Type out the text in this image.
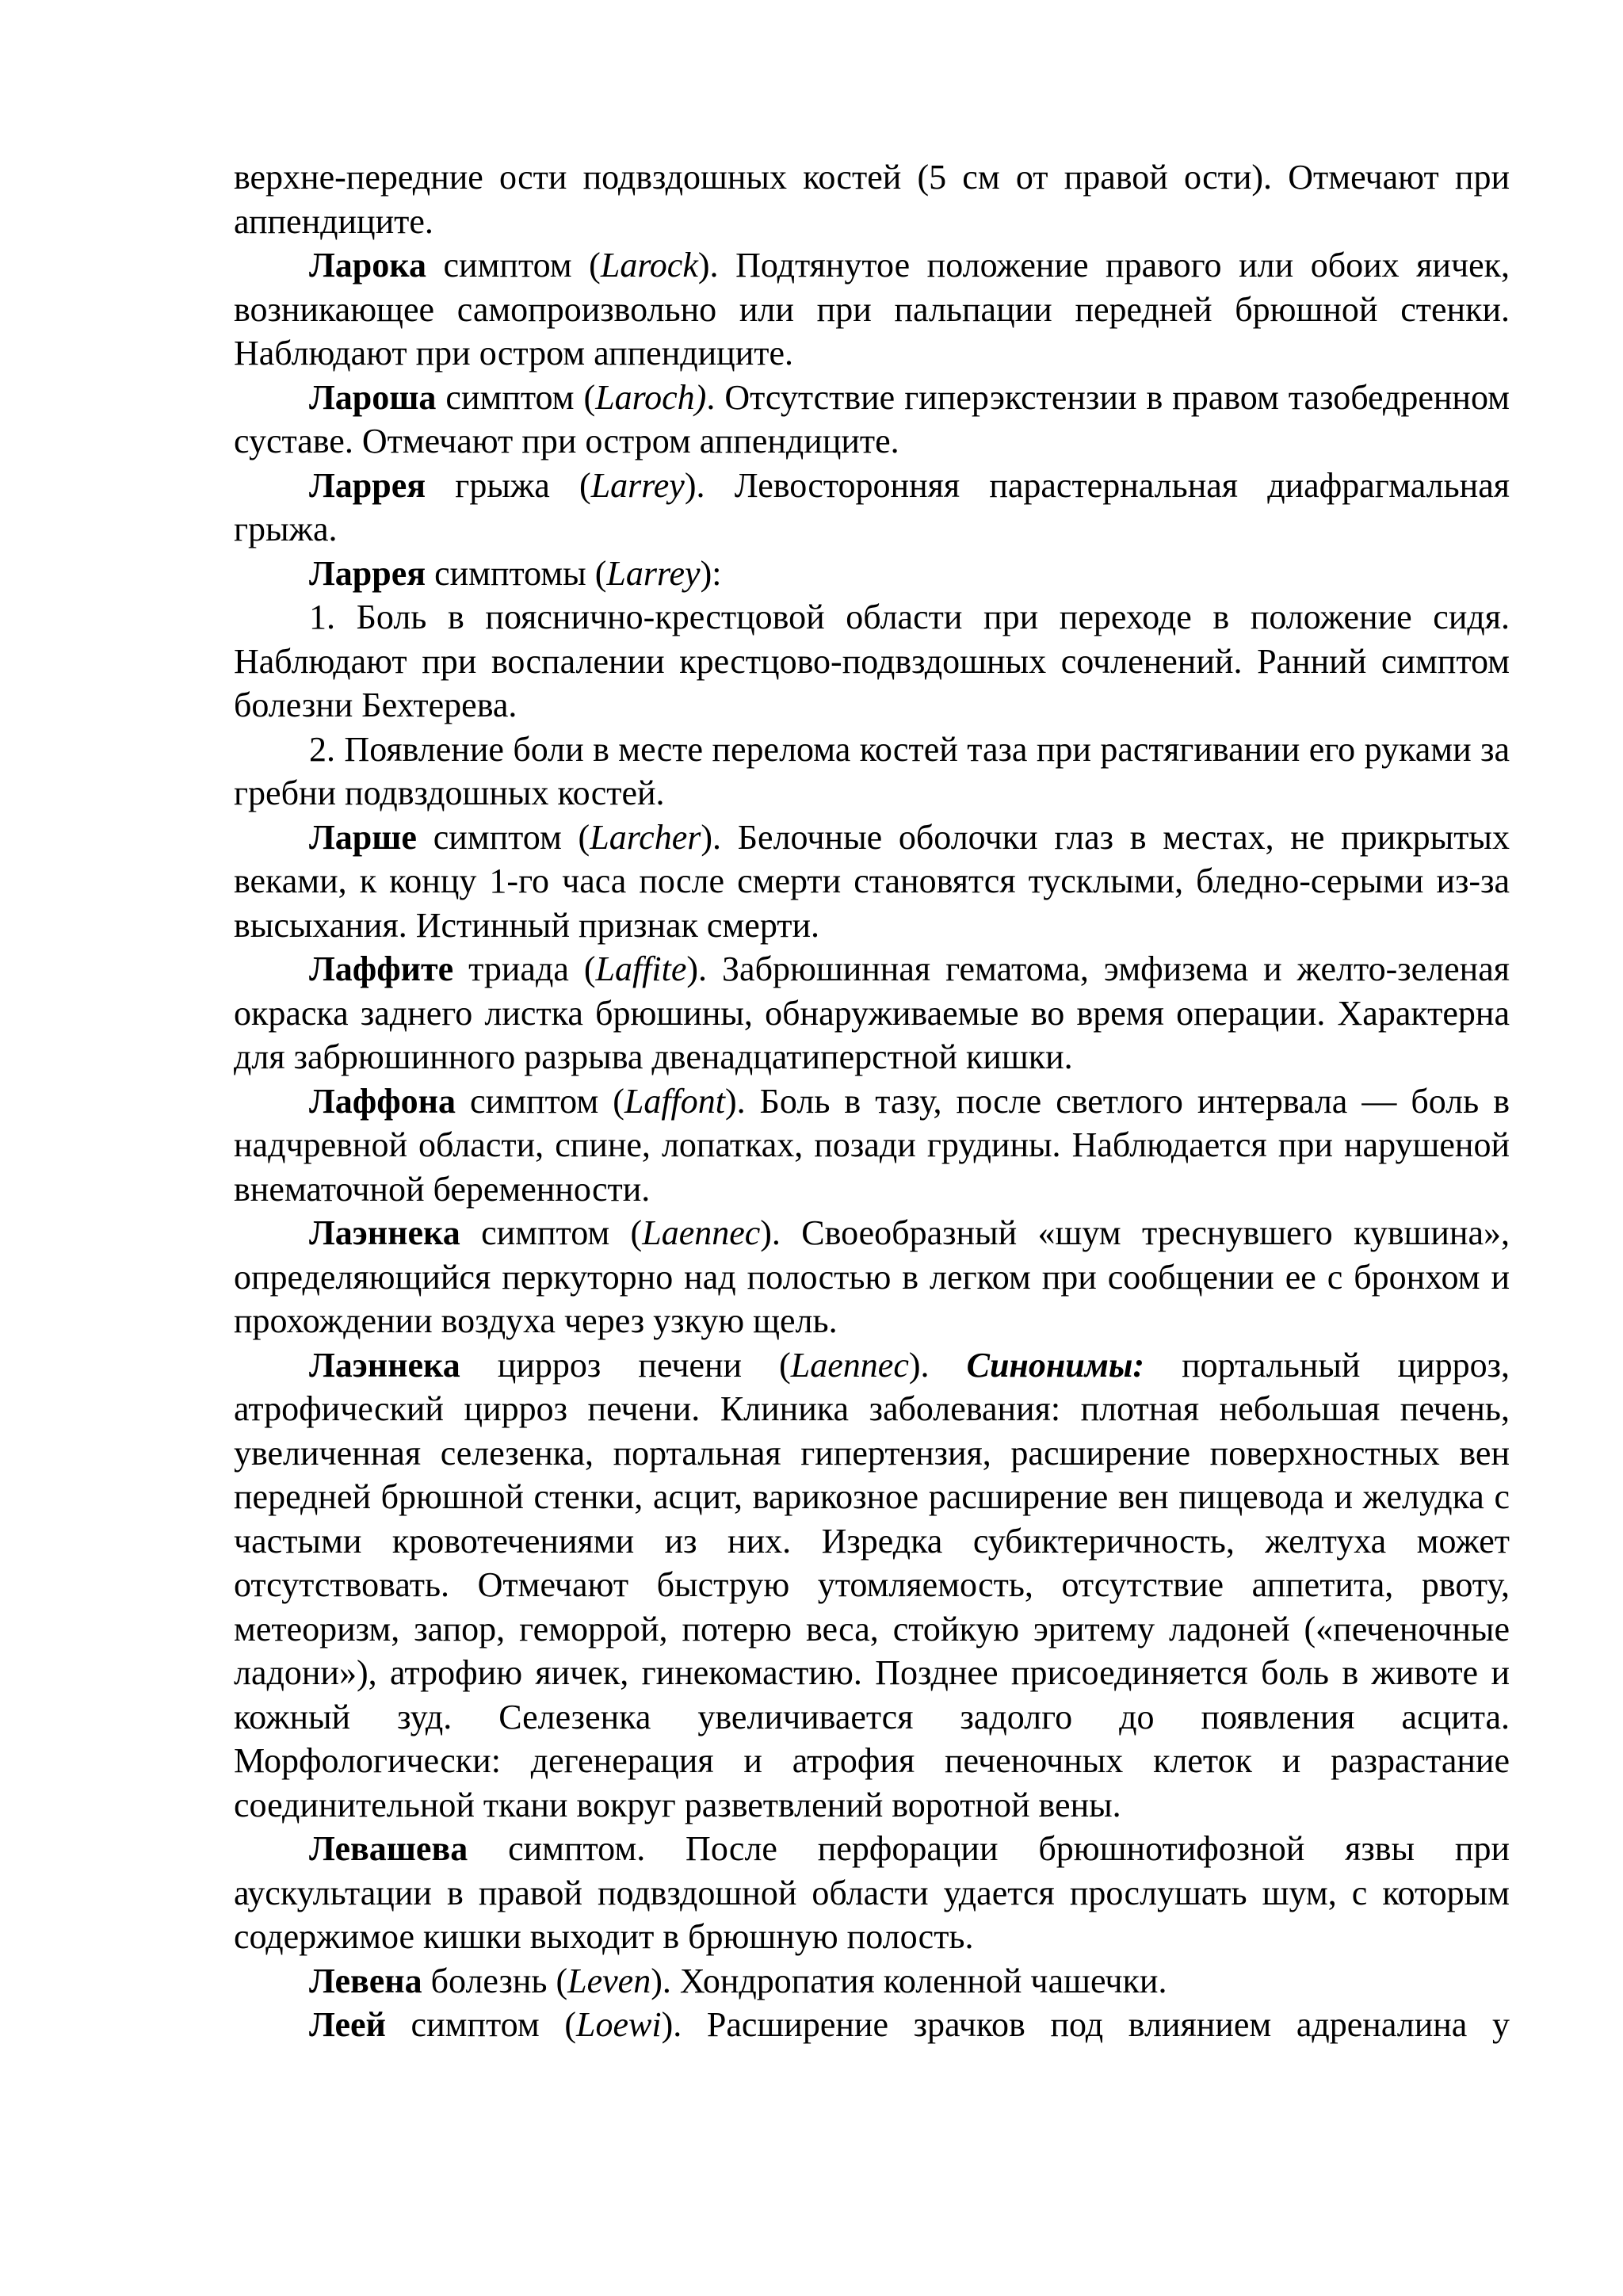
верхне-передние ости подвздошных костей (5 см от правой ости). Отмечают при аппендиците.

Ларока симптом (Larock). Подтянутое положение правого или обоих яичек, возникающее самопроизвольно или при пальпации передней брюшной стенки. Наблюдают при остром аппендиците.

Лароша симптом (Laroch). Отсутствие гиперэкстензии в правом тазобедренном суставе. Отмечают при остром аппендиците.

Ларрея грыжа (Larrey). Левосторонняя парастернальная диафрагмальная грыжа.

Ларрея симптомы (Larrey):

1. Боль в пояснично-крестцовой области при переходе в положение сидя. Наблюдают при воспалении крестцово-подвздошных сочленений. Ранний симптом болезни Бехтерева.

2. Появление боли в месте перелома костей таза при растягивании его руками за гребни подвздошных костей.

Ларше симптом (Larcher). Белочные оболочки глаз в местах, не прикрытых веками, к концу 1-го часа после смерти становятся тусклыми, бледно-серыми из-за высыхания. Истинный признак смерти.

Лаффите триада (Laffite). Забрюшинная гематома, эмфизема и желто-зеленая окраска заднего листка брюшины, обнаруживаемые во время операции. Характерна для забрюшинного разрыва двенадцатиперстной кишки.

Лаффона симптом (Laffont). Боль в тазу, после светлого интервала — боль в надчревной области, спине, лопатках, позади грудины. Наблюдается при нарушеной внематочной беременности.

Лаэннека симптом (Laennec). Своеобразный «шум треснувшего кувшина», определяющийся перкуторно над полостью в легком при сообщении ее с бронхом и прохождении воздуха через узкую щель.

Лаэннека цирроз печени (Laennec). Синонимы: портальный цирроз, атрофический цирроз печени. Клиника заболевания: плотная небольшая печень, увеличенная селезенка, портальная гипертензия, расширение поверхностных вен передней брюшной стенки, асцит, варикозное расширение вен пищевода и желудка с частыми кровотечениями из них. Изредка субиктеричность, желтуха может отсутствовать. Отмечают быструю утомляемость, отсутствие аппетита, рвоту, метеоризм, запор, геморрой, потерю веса, стойкую эритему ладоней («печеночные ладони»), атрофию яичек, гинекомастию. Позднее присоединяется боль в животе и кожный зуд. Селезенка увеличивается задолго до появления асцита. Морфологически: дегенерация и атрофия печеночных клеток и разрастание соединительной ткани вокруг разветвлений воротной вены.

Левашева симптом. После перфорации брюшнотифозной язвы при аускультации в правой подвздошной области удается прослушать шум, с которым содержимое кишки выходит в брюшную полость.

Левена болезнь (Leven). Хондропатия коленной чашечки.

Леей симптом (Loewi). Расширение зрачков под влиянием адреналина у
